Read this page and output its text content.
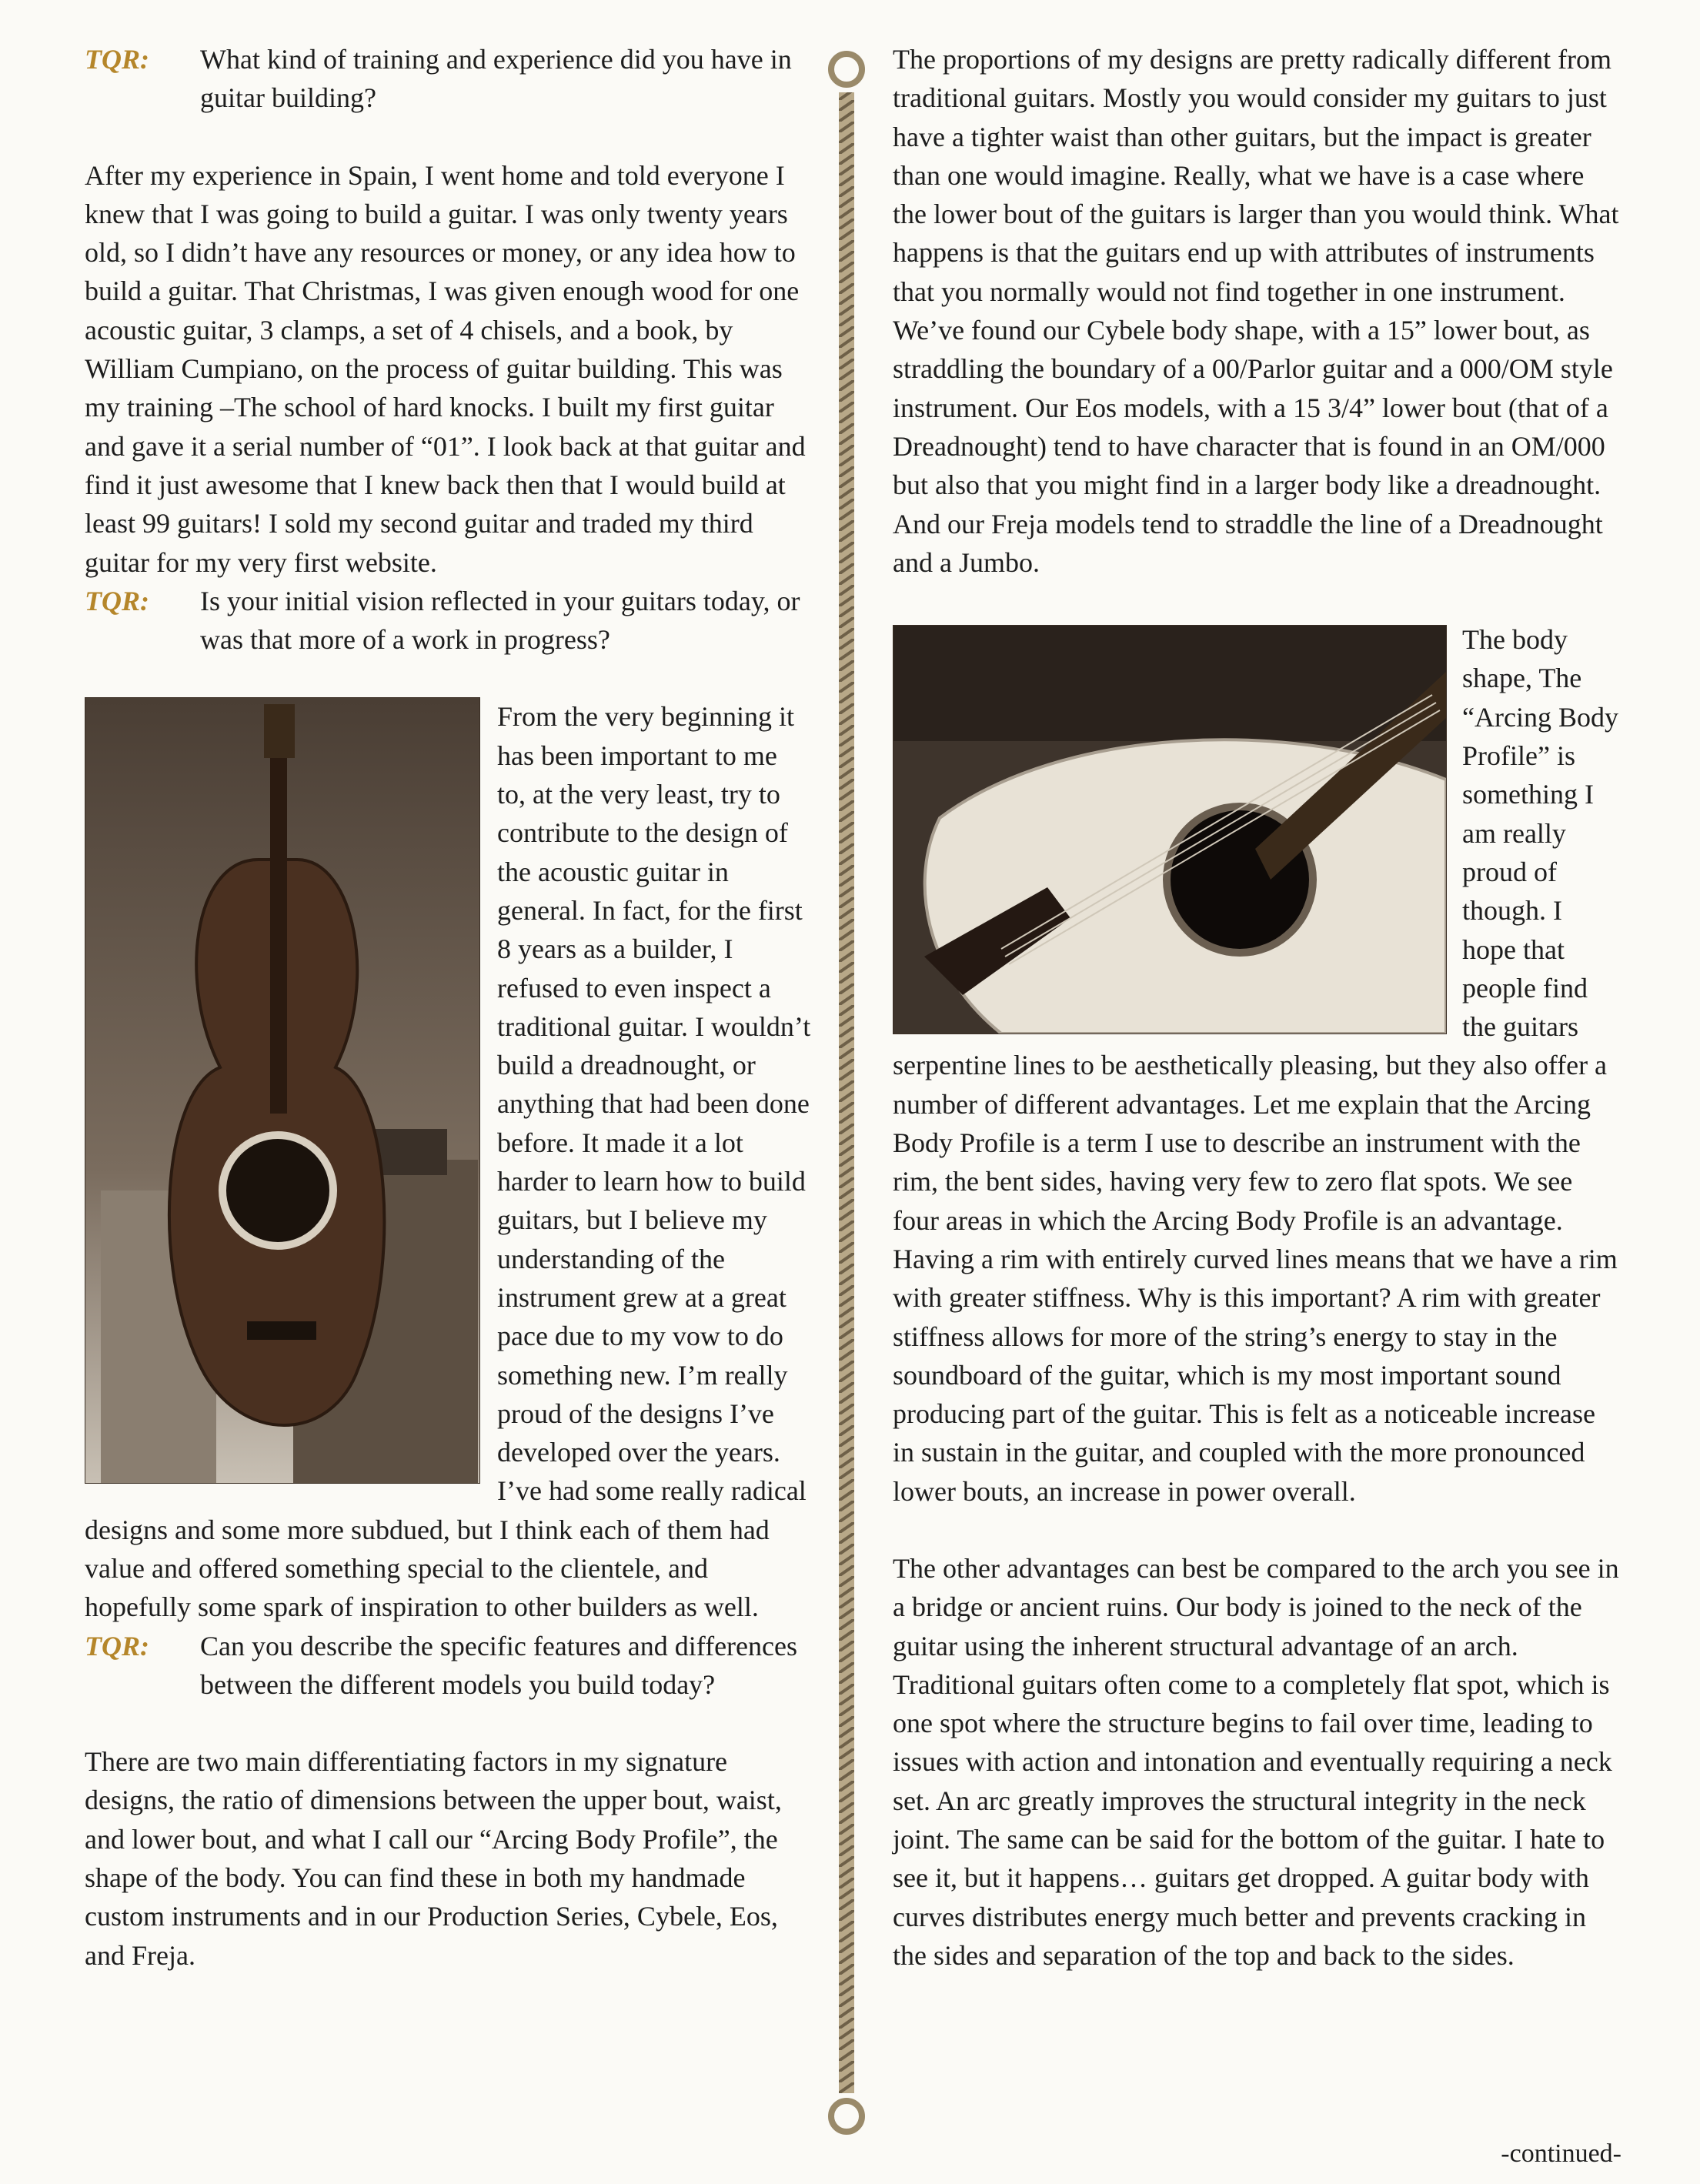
TQR:	What kind of training and experience did you have in guitar building?

After my experience in Spain, I went home and told everyone I knew that I was going to build a guitar. I was only twenty years old, so I didn’t have any resources or money, or any idea how to build a guitar. That Christmas, I was given enough wood for one acoustic guitar, 3 clamps, a set of 4 chisels, and a book, by William Cumpiano, on the process of guitar building. This was my training –The school of hard knocks. I built my first guitar and gave it a serial number of “01”. I look back at that guitar and find it just awesome that I knew back then that I would build at least 99 guitars! I sold my second guitar and traded my third guitar for my very first website.

TQR:	Is your initial vision reflected in your guitars today, or was that more of a work in progress?

From the very beginning it has been important to me to, at the very least, try to contribute to the design of the acoustic guitar in general. In fact, for the first 8 years as a builder, I refused to even inspect a traditional guitar. I wouldn’t build a dreadnought, or anything that had been done before. It made it a lot harder to learn how to build guitars, but I believe my understanding of the instrument grew at a great pace due to my vow to do something new. I’m really proud of the designs I’ve developed over the years. I’ve had some really radical designs and some more subdued, but I think each of them had value and offered something special to the clientele, and hopefully some spark of inspiration to other builders as well.

TQR:	Can you describe the specific features and differences between the different models you build today?

There are two main differentiating factors in my signature designs, the ratio of dimensions between the upper bout, waist, and lower bout, and what I call our “Arcing Body Profile”, the shape of the body. You can find these in both my handmade custom instruments and in our Production Series, Cybele, Eos, and Freja.

The proportions of my designs are pretty radically different from traditional guitars. Mostly you would consider my guitars to just have a tighter waist than other guitars, but the impact is greater than one would imagine. Really, what we have is a case where the lower bout of the guitars is larger than you would think. What happens is that the guitars end up with attributes of instruments that you normally would not find together in one instrument. We’ve found our Cybele body shape, with a 15” lower bout, as straddling the boundary of a 00/Parlor guitar and a 000/OM style instrument. Our Eos models, with a 15 3/4” lower bout (that of a Dreadnought) tend to have character that is found in an OM/000 but also that you might find in a larger body like a dreadnought. And our Freja models tend to straddle the line of a Dreadnought and a Jumbo.

The body shape, The “Arcing Body Profile” is something I am really proud of though. I hope that people find the guitars serpentine lines to be aesthetically pleasing, but they also offer a number of different advantages. Let me explain that the Arcing Body Profile is a term I use to describe an instrument with the rim, the bent sides, having very few to zero flat spots. We see four areas in which the Arcing Body Profile is an advantage. Having a rim with entirely curved lines means that we have a rim with greater stiffness. Why is this important? A rim with greater stiffness allows for more of the string’s energy to stay in the soundboard of the guitar, which is my most important sound producing part of the guitar. This is felt as a noticeable increase in sustain in the guitar, and coupled with the more pronounced lower bouts, an increase in power overall.

The other advantages can best be compared to the arch you see in a bridge or ancient ruins. Our body is joined to the neck of the guitar using the inherent structural advantage of an arch. Traditional guitars often come to a completely flat spot, which is one spot where the structure begins to fail over time, leading to issues with action and intonation and eventually requiring a neck set. An arc greatly improves the structural integrity in the neck joint. The same can be said for the bottom of the guitar. I hate to see it, but it happens… guitars get dropped. A guitar body with curves distributes energy much better and prevents cracking in the sides and separation of the top and back to the sides.

-continued-
